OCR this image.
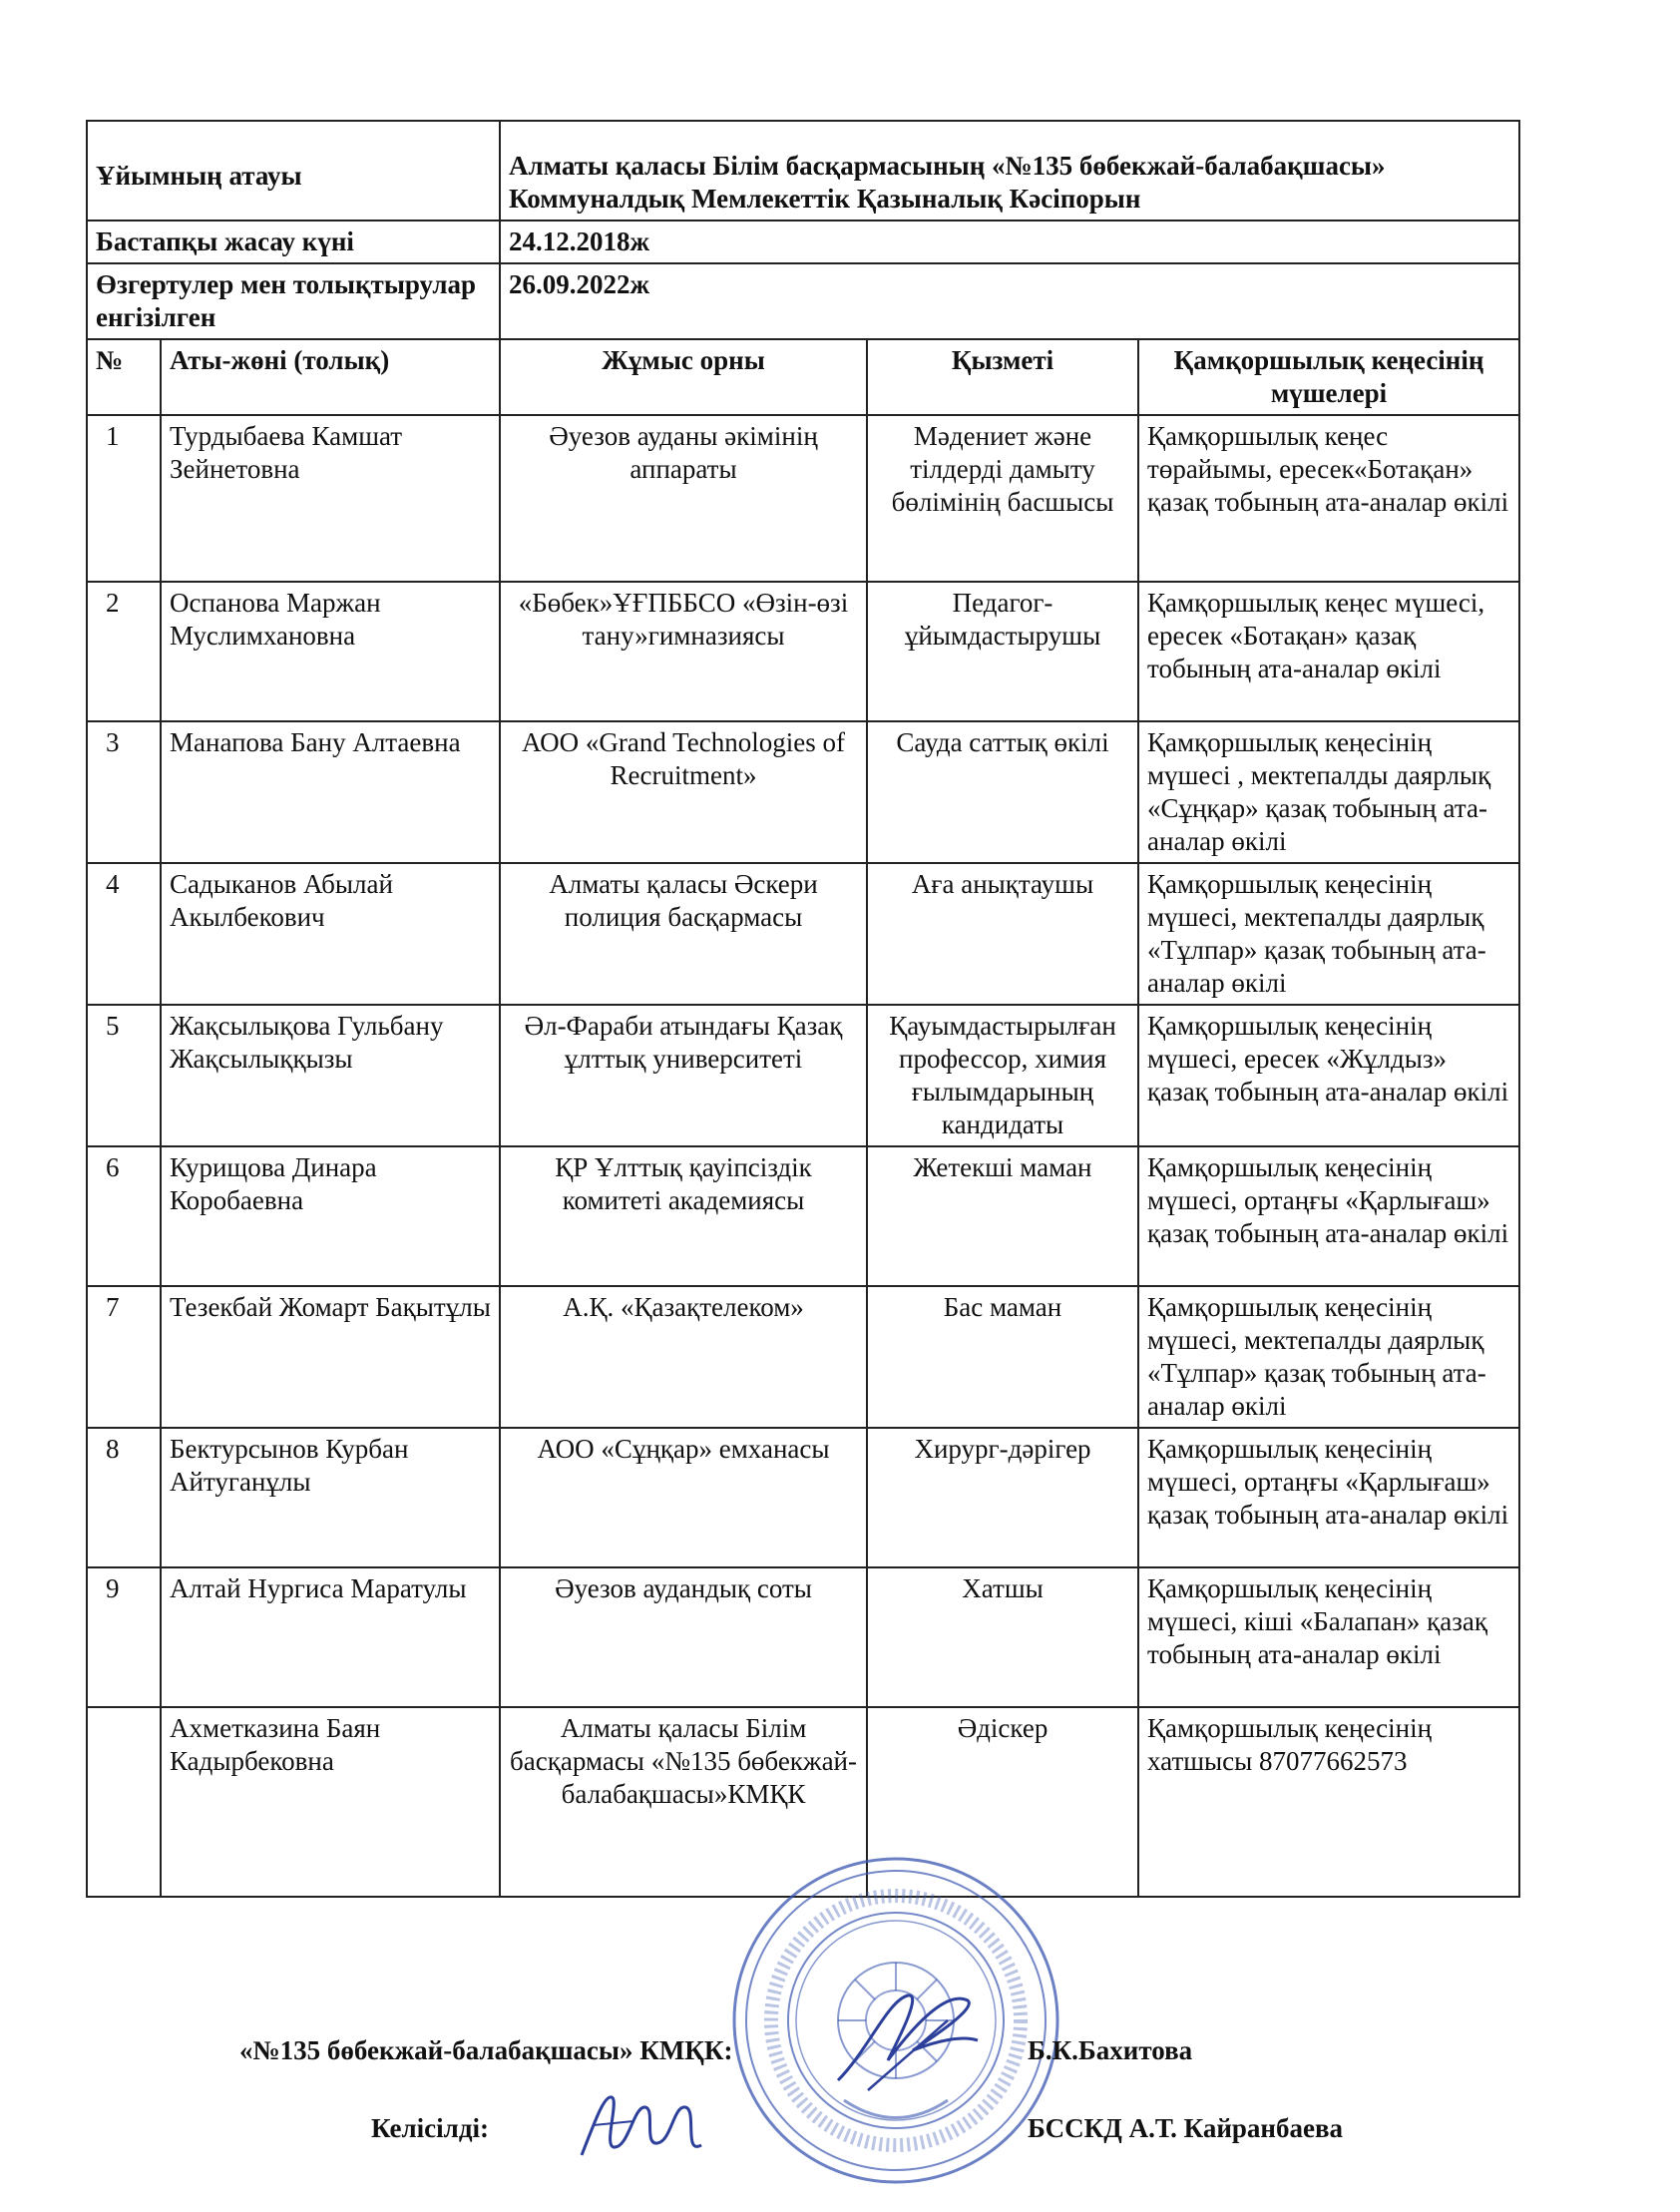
Ұйымның атауы		Алматы қаласы Білім басқармасының «№135 бөбекжай-балабақшасы» Коммуналдық Мемлекеттік Қазыналық Кәсіпорын		
Бастапқы жасау күні		24.12.2018ж		
Өзгертулер мен толықтырулар енгізілген		26.09.2022ж		
№	Аты-жөні (толық)	Жұмыс орны	Қызметі	Қамқоршылық кеңесінің мүшелері
1	Турдыбаева Камшат Зейнетовна	Әуезов ауданы әкімінің аппараты	Мәдениет және тілдерді дамыту бөлімінің басшысы	Қамқоршылық кеңес төрайымы, ересек«Ботақан» қазақ тобының ата-аналар өкілі
2	Оспанова Маржан Муслимхановна	«Бөбек»ҰҒПББСО «Өзін-өзі тану»гимназиясы	Педагог-ұйымдастырушы	Қамқоршылық кеңес мүшесі, ересек «Ботақан» қазақ тобының ата-аналар өкілі
3	Манапова Бану Алтаевна	АОО «Grand Technologies of Recruitment»	Сауда саттық өкілі	Қамқоршылық кеңесінің мүшесі , мектепалды даярлық «Сұңқар» қазақ тобының ата-аналар өкілі
4	Садыканов Абылай Акылбекович	Алматы қаласы Әскери полиция басқармасы	Аға анықтаушы	Қамқоршылық кеңесінің мүшесі, мектепалды даярлық «Тұлпар» қазақ тобының ата-аналар өкілі
5	Жақсылықова Гульбану Жақсылыққызы	Әл-Фараби атындағы Қазақ ұлттық университеті	Қауымдастырылған профессор, химия ғылымдарының кандидаты	Қамқоршылық кеңесінің мүшесі, ересек «Жұлдыз» қазақ тобының ата-аналар өкілі
6	Курищова Динара Коробаевна	ҚР Ұлттық қауіпсіздік комитеті академиясы	Жетекші маман	Қамқоршылық кеңесінің мүшесі, ортаңғы «Қарлығаш» қазақ тобының ата-аналар өкілі
7	Тезекбай Жомарт Бақытұлы	А.Қ. «Қазақтелеком»	Бас маман	Қамқоршылық кеңесінің мүшесі, мектепалды даярлық «Тұлпар» қазақ тобының ата-аналар өкілі
8	Бектурсынов Курбан Айтуганұлы	АОО «Сұңқар» емханасы	Хирург-дәрігер	Қамқоршылық кеңесінің мүшесі, ортаңғы «Қарлығаш» қазақ тобының ата-аналар өкілі
9	Алтай Нургиса Маратулы	Әуезов аудандық соты	Хатшы	Қамқоршылық кеңесінің мүшесі, кіші «Балапан» қазақ тобының ата-аналар өкілі
	Ахметказина Баян Кадырбековна	Алматы қаласы Білім басқармасы «№135 бөбекжай-балабақшасы»КМҚК	Әдіскер	Қамқоршылық кеңесінің хатшысы 87077662573
«№135 бөбекжай-балабақшасы» КМҚК:	Б.К.Бахитова
Келісілді:	БССКД А.Т. Кайранбаева
